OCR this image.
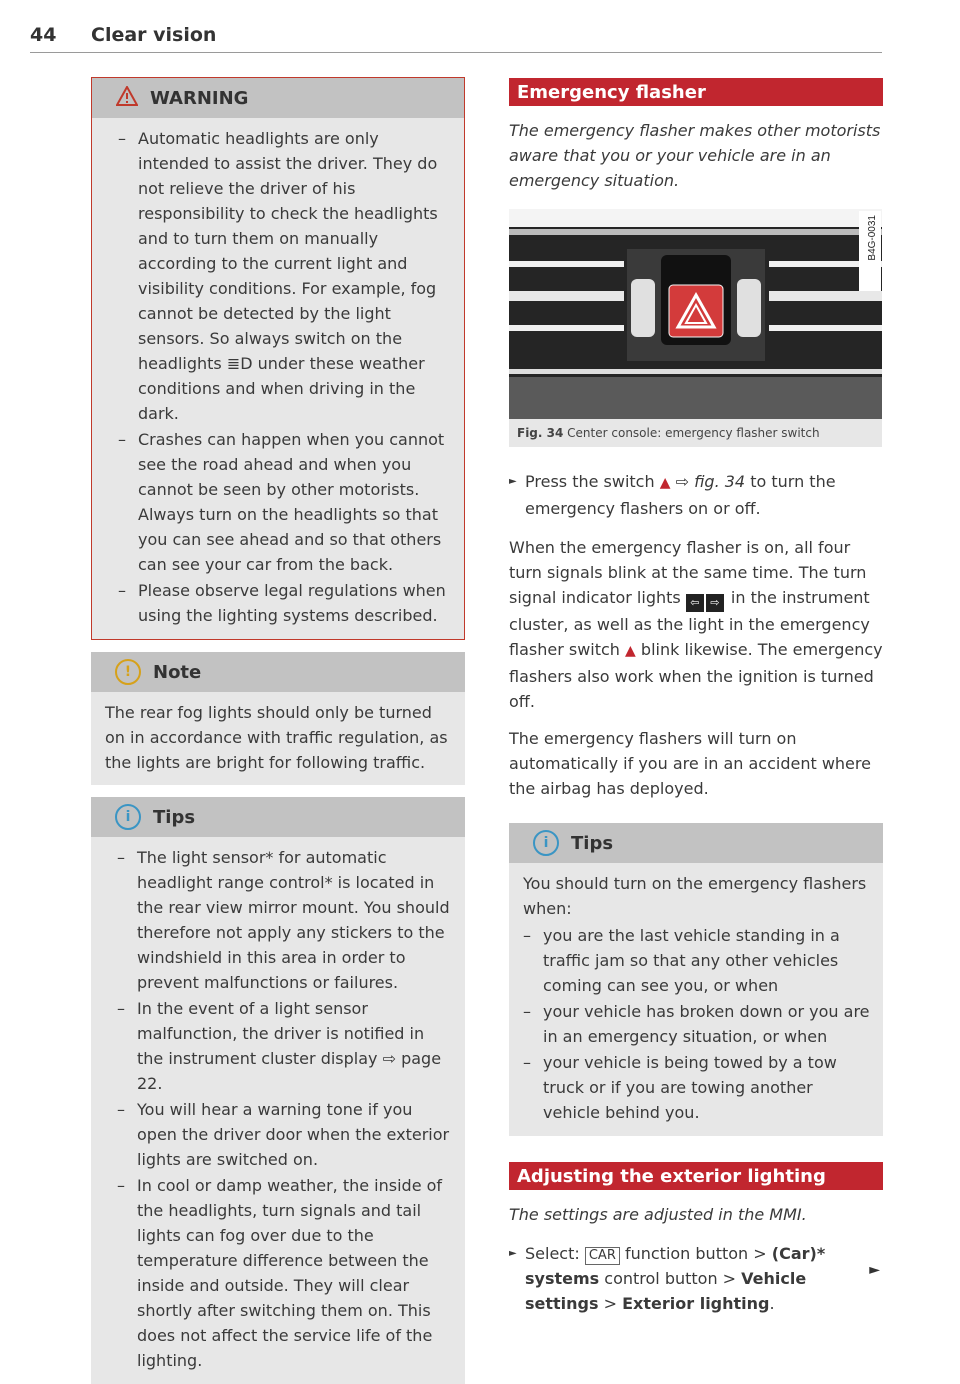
44 Clear vision
WARNING
– Automatic headlights are only intended to assist the driver. They do not relieve the driver of his responsibility to check the headlights and to turn them on manually according to the current light and visibility conditions. For example, fog cannot be detected by the light sensors. So always switch on the headlights ≣D under these weather conditions and when driving in the dark.
– Crashes can happen when you cannot see the road ahead and when you cannot be seen by other motorists. Always turn on the headlights so that you can see ahead and so that others can see your car from the back.
– Please observe legal regulations when using the lighting systems described.
!	Note

The rear fog lights should only be turned on in accordance with traffic regulation, as the lights are bright for following traffic.

i	Tips
– The light sensor* for automatic headlight range control* is located in the rear view mirror mount. You should therefore not apply any stickers to the windshield in this area in order to prevent malfunctions or failures.
– In the event of a light sensor malfunction, the driver is notified in the instrument cluster display ⇨ page 22.
– You will hear a warning tone if you open the driver door when the exterior lights are switched on.
– In cool or damp weather, the inside of the headlights, turn signals and tail lights can fog over due to the temperature difference between the inside and outside. They will clear shortly after switching them on. This does not affect the service life of the lighting.
Emergency flasher

The emergency flasher makes other motorists aware that you or your vehicle are in an emergency situation.

B4G-0031
Fig. 34 Center console: emergency flasher switch

► Press the switch ▲ ⇨ fig. 34 to turn the emergency flashers on or off.

When the emergency flasher is on, all four turn signals blink at the same time. The turn signal indicator lights ⇦ ⇨ in the instrument cluster, as well as the light in the emergency flasher switch ▲ blink likewise. The emergency flashers also work when the ignition is turned off.

The emergency flashers will turn on automatically if you are in an accident where the airbag has deployed.

i	Tips

You should turn on the emergency flashers when:

– you are the last vehicle standing in a traffic jam so that any other vehicles coming can see you, or when
– your vehicle has broken down or you are in an emergency situation, or when
– your vehicle is being towed by a tow truck or if you are towing another vehicle behind you.
Adjusting the exterior lighting

The settings are adjusted in the MMI.

► Select: CAR function button > (Car)* systems control button > Vehicle settings > Exterior lighting.

►
